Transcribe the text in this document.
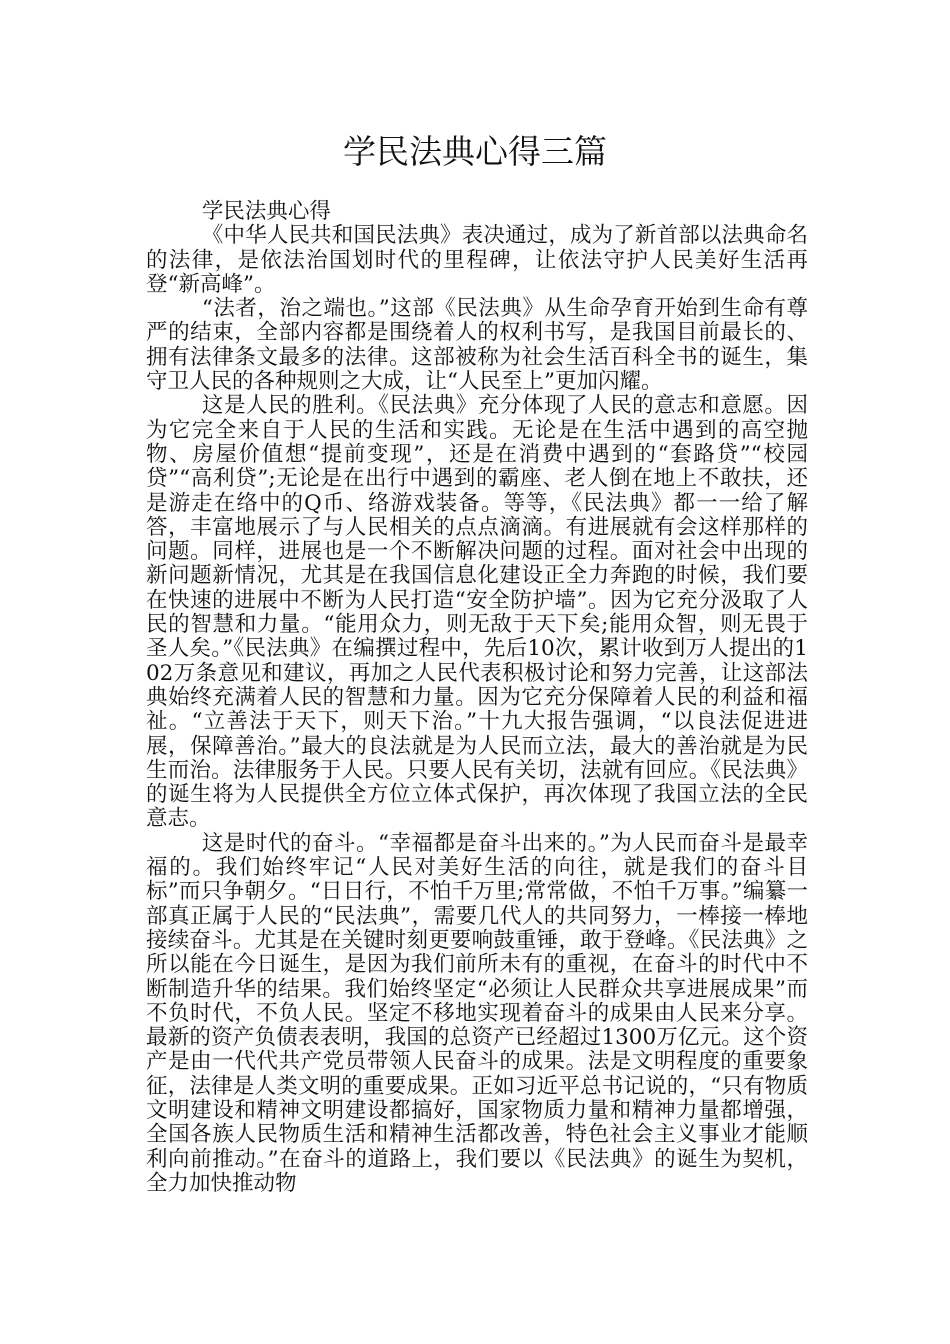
学民法典心得三篇

学民法典心得

《中华人民共和国民法典》表决通过，成为了新首部以法典命名的法律，是依法治国划时代的里程碑，让依法守护人民美好生活再登“新高峰”。

“法者，治之端也。”这部《民法典》从生命孕育开始到生命有尊严的结束，全部内容都是围绕着人的权利书写，是我国目前最长的、拥有法律条文最多的法律。这部被称为社会生活百科全书的诞生，集守卫人民的各种规则之大成，让“人民至上”更加闪耀。

这是人民的胜利。《民法典》充分体现了人民的意志和意愿。因为它完全来自于人民的生活和实践。无论是在生活中遇到的高空抛物、房屋价值想“提前变现”，还是在消费中遇到的“套路贷”“校园贷”“高利贷”;无论是在出行中遇到的霸座、老人倒在地上不敢扶，还是游走在络中的Q币、络游戏装备。等等，《民法典》都一一给了解答，丰富地展示了与人民相关的点点滴滴。有进展就有会这样那样的问题。同样，进展也是一个不断解决问题的过程。面对社会中出现的新问题新情况，尤其是在我国信息化建设正全力奔跑的时候，我们要在快速的进展中不断为人民打造“安全防护墙”。因为它充分汲取了人民的智慧和力量。“能用众力，则无敌于天下矣;能用众智，则无畏于圣人矣。”《民法典》在编撰过程中，先后10次，累计收到万人提出的102万条意见和建议，再加之人民代表积极讨论和努力完善，让这部法典始终充满着人民的智慧和力量。因为它充分保障着人民的利益和福祉。“立善法于天下，则天下治。”十九大报告强调，“以良法促进进展，保障善治。”最大的良法就是为人民而立法，最大的善治就是为民生而治。法律服务于人民。只要人民有关切，法就有回应。《民法典》的诞生将为人民提供全方位立体式保护，再次体现了我国立法的全民意志。

这是时代的奋斗。“幸福都是奋斗出来的。”为人民而奋斗是最幸福的。我们始终牢记“人民对美好生活的向往，就是我们的奋斗目标”而只争朝夕。“日日行，不怕千万里;常常做，不怕千万事。”编纂一部真正属于人民的“民法典”，需要几代人的共同努力，一棒接一棒地接续奋斗。尤其是在关键时刻更要响鼓重锤，敢于登峰。《民法典》之所以能在今日诞生，是因为我们前所未有的重视，在奋斗的时代中不断制造升华的结果。我们始终坚定“必须让人民群众共享进展成果”而不负时代，不负人民。坚定不移地实现着奋斗的成果由人民来分享。最新的资产负债表表明，我国的总资产已经超过1300万亿元。这个资产是由一代代共产党员带领人民奋斗的成果。法是文明程度的重要象征，法律是人类文明的重要成果。正如习近平总书记说的，“只有物质文明建设和精神文明建设都搞好，国家物质力量和精神力量都增强，全国各族人民物质生活和精神生活都改善，特色社会主义事业才能顺利向前推动。”在奋斗的道路上，我们要以《民法典》的诞生为契机，全力加快推动物
